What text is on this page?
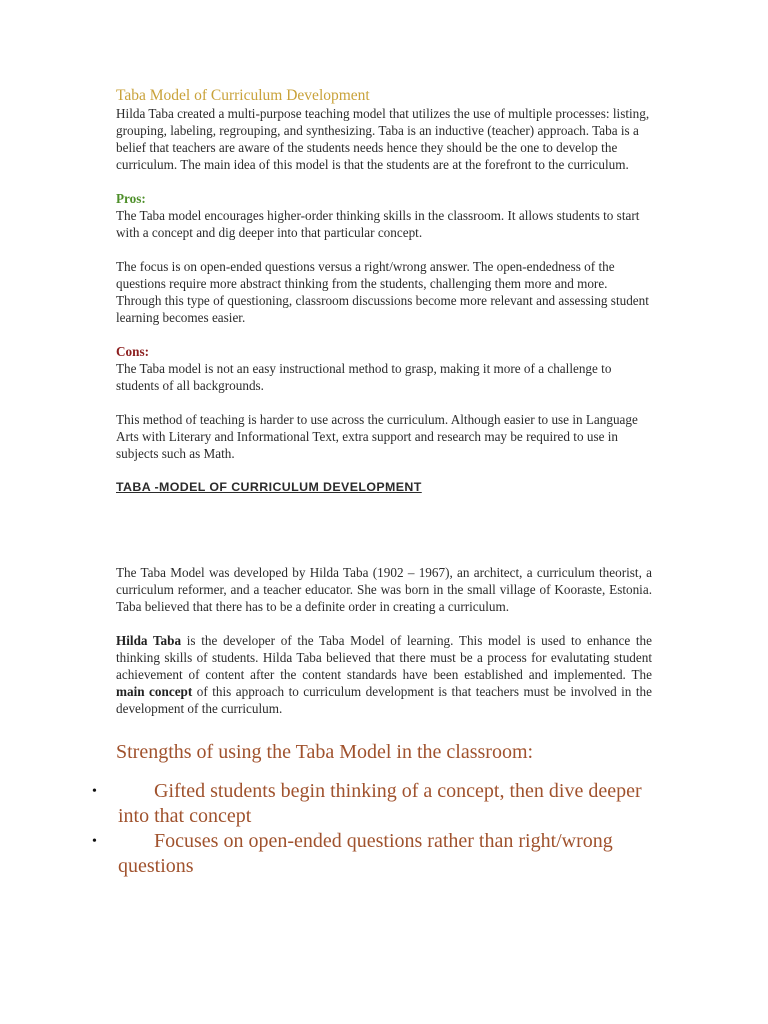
Taba Model of Curriculum Development

Hilda Taba created a multi-purpose teaching model that utilizes the use of multiple processes: listing, grouping, labeling, regrouping, and synthesizing. Taba is an inductive (teacher) approach. Taba is a belief that teachers are aware of the students needs hence they should be the one to develop the curriculum. The main idea of this model is that the students are at the forefront to the curriculum.

Pros:

The Taba model encourages higher-order thinking skills in the classroom. It allows students to start with a concept and dig deeper into that particular concept.

The focus is on open-ended questions versus a right/wrong answer. The open-endedness of the questions require more abstract thinking from the students, challenging them more and more. Through this type of questioning, classroom discussions become more relevant and assessing student learning becomes easier.

Cons:

The Taba model is not an easy instructional method to grasp, making it more of a challenge to students of all backgrounds.

This method of teaching is harder to use across the curriculum. Although easier to use in Language Arts with Literary and Informational Text, extra support and research may be required to use in subjects such as Math.

TABA -MODEL OF CURRICULUM DEVELOPMENT

The Taba Model was developed by Hilda Taba (1902 – 1967), an architect, a curriculum theorist, a curriculum reformer, and a teacher educator. She was born in the small village of Kooraste, Estonia. Taba believed that there has to be a definite order in creating a curriculum.

Hilda Taba is the developer of the Taba Model of learning. This model is used to enhance the thinking skills of students. Hilda Taba believed that there must be a process for evalutating student achievement of content after the content standards have been established and implemented. The main concept of this approach to curriculum development is that teachers must be involved in the development of the curriculum.

Strengths of using the Taba Model in the classroom:

•	Gifted students begin thinking of a concept, then dive deeper into that concept
•	Focuses on open-ended questions rather than right/wrong questions
